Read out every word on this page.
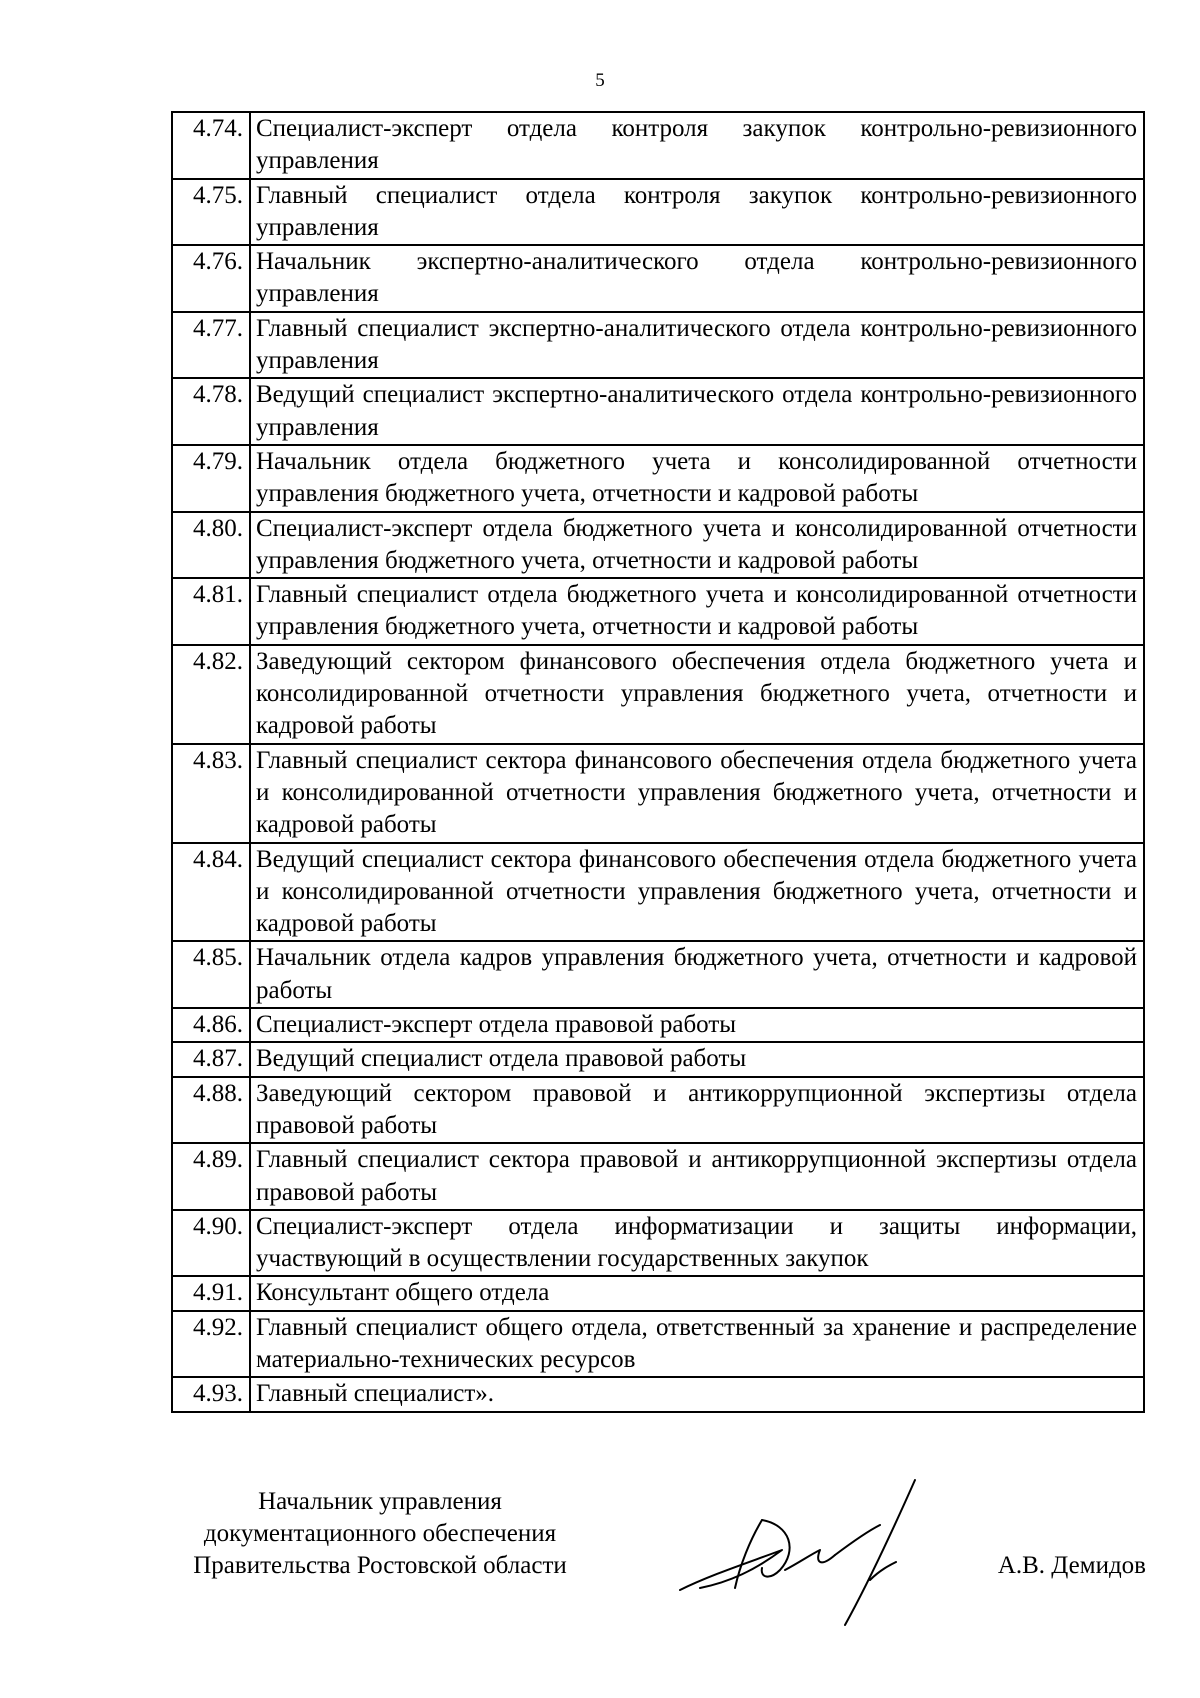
5
4.74.	Специалист-эксперт отдела контроля закупок контрольно-ревизионного управления
4.75.	Главный специалист отдела контроля закупок контрольно-ревизионного управления
4.76.	Начальник экспертно-аналитического отдела контрольно-ревизионного управления
4.77.	Главный специалист экспертно-аналитического отдела контрольно-ревизионного управления
4.78.	Ведущий специалист экспертно-аналитического отдела контрольно-ревизионного управления
4.79.	Начальник отдела бюджетного учета и консолидированной отчетности управления бюджетного учета, отчетности и кадровой работы
4.80.	Специалист-эксперт отдела бюджетного учета и консолидированной отчетности управления бюджетного учета, отчетности и кадровой работы
4.81.	Главный специалист отдела бюджетного учета и консолидированной отчетности управления бюджетного учета, отчетности и кадровой работы
4.82.	Заведующий сектором финансового обеспечения отдела бюджетного учета и консолидированной отчетности управления бюджетного учета, отчетности и кадровой работы
4.83.	Главный специалист сектора финансового обеспечения отдела бюджетного учета и консолидированной отчетности управления бюджетного учета, отчетности и кадровой работы
4.84.	Ведущий специалист сектора финансового обеспечения отдела бюджетного учета и консолидированной отчетности управления бюджетного учета, отчетности и кадровой работы
4.85.	Начальник отдела кадров управления бюджетного учета, отчетности и кадровой работы
4.86.	Специалист-эксперт отдела правовой работы
4.87.	Ведущий специалист отдела правовой работы
4.88.	Заведующий сектором правовой и антикоррупционной экспертизы отдела правовой работы
4.89.	Главный специалист сектора правовой и антикоррупционной экспертизы отдела правовой работы
4.90.	Специалист-эксперт отдела информатизации и защиты информации, участвующий в осуществлении государственных закупок
4.91.	Консультант общего отдела
4.92.	Главный специалист общего отдела, ответственный за хранение и распределение материально-технических ресурсов
4.93.	Главный специалист».
Начальник управления
документационного обеспечения
Правительства Ростовской области	А.В. Демидов
